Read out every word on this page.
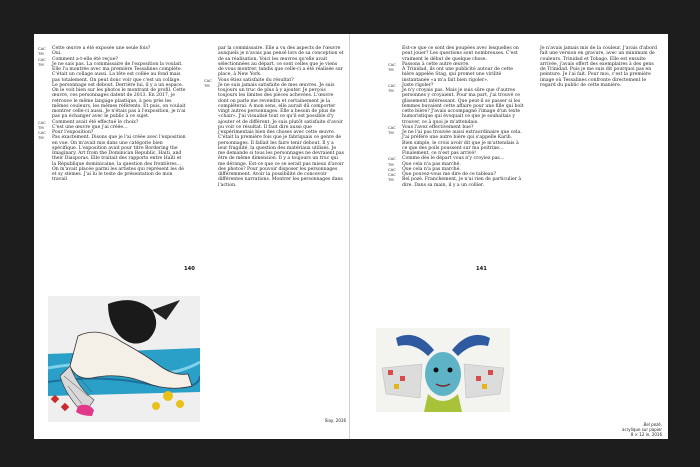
CAC	Cette œuvre a été exposée une seule fois?
TM	Oui.
CAC	Comment a-t-elle été reçue?
TM	Je ne sais pas. La commissaire de l'exposition la voulait. Elle l'a montrée avec ma première Tessalines complète. C'était un collage aussi. La tête est collée au fond mais pas totalement. On peut donc voir que c'est un collage. Le personnage est debout. Derrière lui, il y a un espace. On le voit bien sur les photos le montrant de profil. Cette œuvre, ces personnages datent de 2013. En 2017, je retrouve le même langage plastique, à peu près les mêmes couleurs, les mêmes référents. Et puis, on voulait montrer celle-ci aussi. Je n'étais pas à l'exposition, je n'ai pas pu échanger avec le public à ce sujet.
CAC	Comment avait été effectué le choix?
TM	C'est une œuvre que j'ai créée…
CAC	Pour l'exposition?
TM	Pas exactement. Disons que je l'ai créée avec l'exposition en vue. On m'avait mis dans une catégorie bien spécifique. L'exposition avait pour titre Bordering the Imaginary. Art from the Dominican Republic, Haiti, and their Diasporas. Elle traitait des rapports entre Haïti et la République dominicaine, la question des frontières… On m'avait placée parmi les artistes qui représent les dé et sy stèmes. J'ai lu le texte de présentation de mon travail
par la commissaire. Elle a vu des aspects de l'œuvre auxquels je n'avais pas pensé lors de sa conception et de sa réalisation. Voici les œuvres qu'elle avait sélectionnées au départ, ce sont celles que je viens de vous montrer, tandis que celle-ci a été réalisée sur place, à New York.
CAC	Vous étiez satisfaite du résultat?
TM	Je ne suis jamais satisfaite de mes œuvres. Je suis toujours un truc de plus à y ajouter. Je perçois toujours les limites des pièces achevées. L'œuvre dont on parle me revendra et certainement je la compléterai. À mon sens, elle aurait dû comporter vingt autres personnages. Elle a besoin de plus de «chair». J'ai visualisé tout ce qu'il est possible d'y ajouter et de différent. Je suis plutôt satisfaite d'avoir pu voir ce résultat. Il faut dire aussi que j'expérimentais bien des choses avec cette œuvre. C'était la première fois que je fabriquais ce genre de personnages. Il fallait les faire tenir debout. Il y a leur fragilité, la question des matériaux utilisés. Je me demande si tous les personnages ne devraient pas être de même dimension. Il y a toujours un truc qui me dérange. Est-ce que ce se serait pas mieux d'avoir des photos? Pour pouvoir disposer les personnages différemment. Avoir la possibilité de concevoir différentes narrations. Montrer les personnages dans l'action.
140
Slay, 2016
Est-ce que ce sont des poupées avec lesquelles on peut jouer? Les questions sont nombreuses. C'est vraiment le début de quelque chose.
CAC	Passons à cette autre œuvre.
TM	À Trinidad, ils ont une publicité autour de cette bière appelée Stag, qui promet une virilité instantanée «a m'a fait bien rigoler».
CAC	Juste rigoler?
TM	Je n'y croyais pas. Mais je suis sûre que d'autres personnes y croyaient. Pour ma part, j'ai trouvé ce glissement intéressant. Que peut-il se passer si les femmes buvaient cette affaire pour une fille qui boit cette bière? J'avais accompagné l'image d'un texte humoristique qui évoquait ce que je souhaitais y trouver, ce à quoi je m'attendais.
CAC	Vous l'avez effectivement bue?
TM	Je ne l'ai pas trouvée aussi extraordinaire que cela. J'ai préféré une autre bière qui s'appelle Karib. Bien simple, le crois avoir dit que je m'attendais à ce que des poils poussent sur ma poitrine… Finalement, ce n'est pas arrivé!
CAC	Comme dès le départ vous n'y croyiez pas…
TM	Que cela n'a pas marché.
CAC	Que cela n'a pas marché.
CAC	Que pouvez-vous me dire de ce tableau?
TM	Bel pozè. Franchement, je n'ai rien de particulier à dire. Dans sa main, il y a un collier.
Je n'avais jamais mis de la couleur. J'avais d'abord fait une version en gravure, avec un minimum de couleurs. Trinidad et Tobago. Elle est ensuite arrivée, j'avais offert des exemplaires à des gens de Trinidad. Puis je me suis dit pourquoi pas en peinture. Je l'ai fait. Pour moi, c'est la première image où Tessalines confronte directement le regard du public de cette manière.
141
Bel pozè,
acrylique sur papier
8 × 12 in, 2016
